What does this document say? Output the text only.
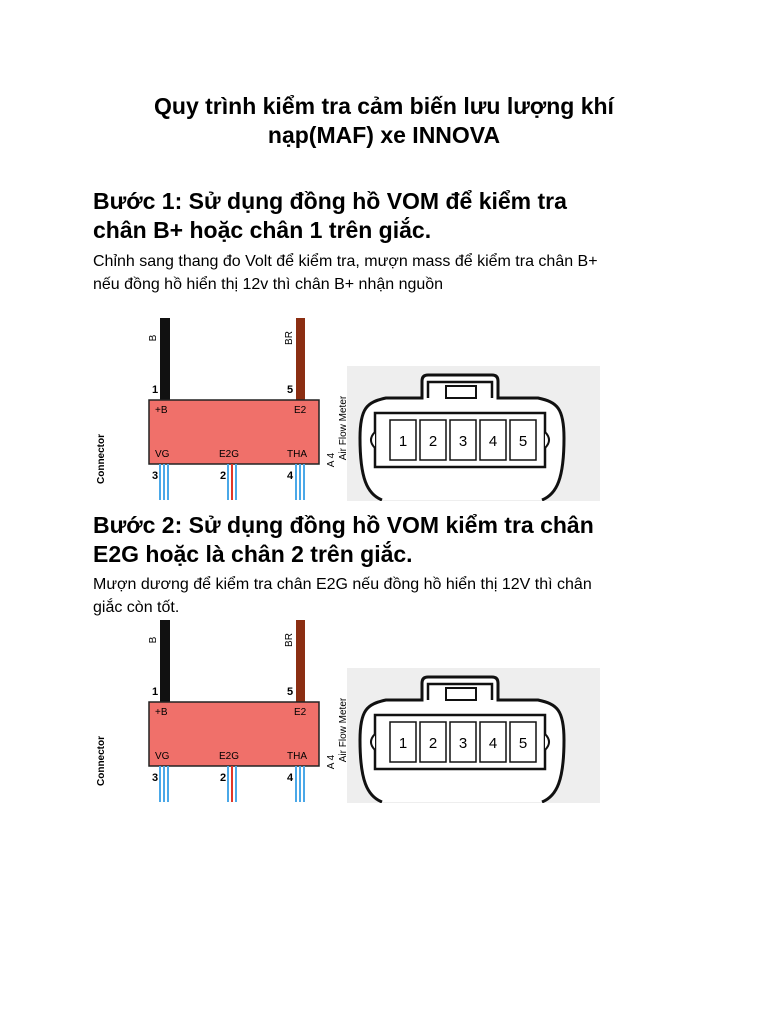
Quy trình kiểm tra cảm biến lưu lượng khí
nạp(MAF) xe INNOVA
Bước 1: Sử dụng đồng hồ VOM để kiểm tra
chân B+ hoặc chân 1 trên giắc.
Chỉnh sang thang đo Volt để kiểm tra, mượn mass để kiểm tra chân B+
nếu đồng hồ hiển thị 12v thì chân B+ nhận nguồn
B	BR
1	5
+B	E2
VG	E2G	THA
3	2	4
Connector	A 4 Air Flow Meter	1 2 3 4 5
Bước 2: Sử dụng đồng hồ VOM kiểm tra chân
E2G hoặc là chân 2 trên giắc.
Mượn dương để kiểm tra chân E2G nếu đồng hồ hiển thị 12V thì chân
giắc còn tốt.
B	BR
1	5
+B	E2
VG	E2G	THA
3	2	4
Connector	A 4 Air Flow Meter	1 2 3 4 5
